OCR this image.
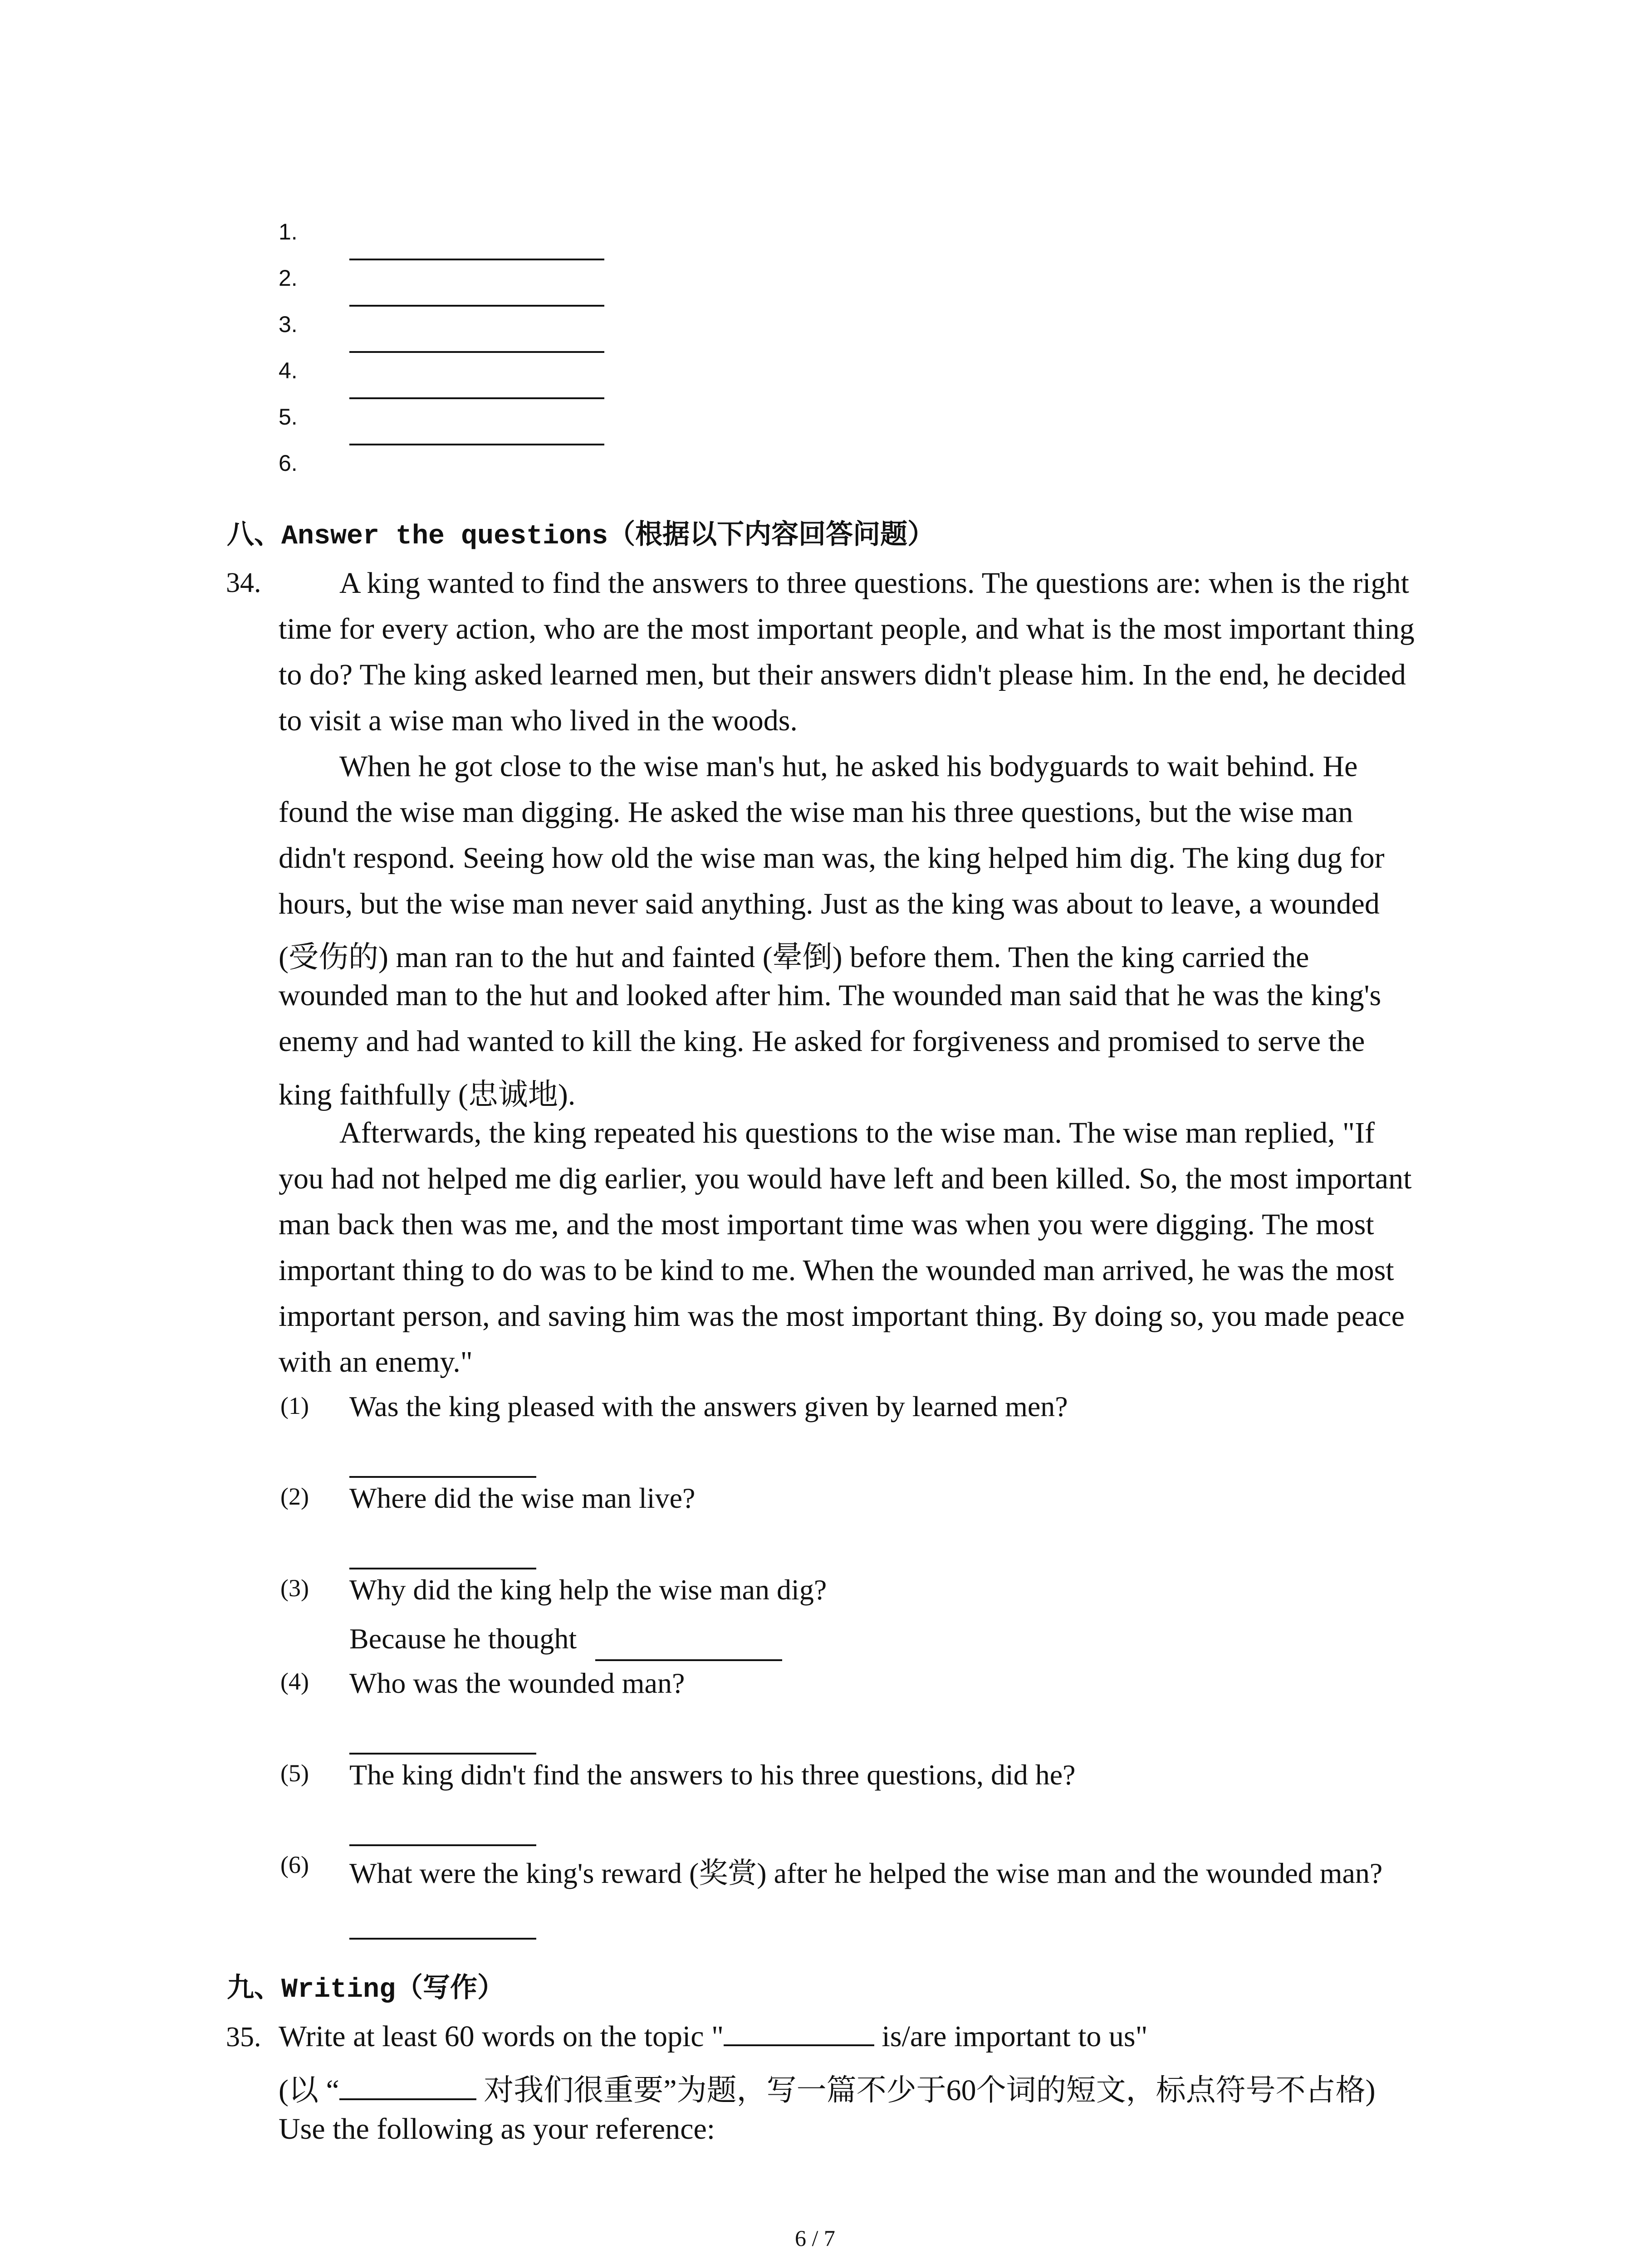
1.
2.
3.
4.
5.
6.
八、Answer the questions（根据以下内容回答问题）
34.	A king wanted to find the answers to three questions. The questions are: when is the right
time for every action, who are the most important people, and what is the most important thing
to do? The king asked learned men, but their answers didn't please him. In the end, he decided
to visit a wise man who lived in the woods.
When he got close to the wise man's hut, he asked his bodyguards to wait behind. He
found the wise man digging. He asked the wise man his three questions, but the wise man
didn't respond. Seeing how old the wise man was, the king helped him dig. The king dug for
hours, but the wise man never said anything. Just as the king was about to leave, a wounded
(受伤的) man ran to the hut and fainted (晕倒) before them. Then the king carried the
wounded man to the hut and looked after him. The wounded man said that he was the king's
enemy and had wanted to kill the king. He asked for forgiveness and promised to serve the
king faithfully (忠诚地).
Afterwards, the king repeated his questions to the wise man. The wise man replied, "If
you had not helped me dig earlier, you would have left and been killed. So, the most important
man back then was me, and the most important time was when you were digging. The most
important thing to do was to be kind to me. When the wounded man arrived, he was the most
important person, and saving him was the most important thing. By doing so, you made peace
with an enemy."
(1) Was the king pleased with the answers given by learned men?
(2) Where did the wise man live?
(3) Why did the king help the wise man dig?
Because he thought
(4) Who was the wounded man?
(5) The king didn't find the answers to his three questions, did he?
(6) What were the king's reward (奖赏) after he helped the wise man and the wounded man?
九、Writing（写作）
35. Write at least 60 words on the topic "	is/are important to us"
(以 “	对我们很重要”为题，写一篇不少于60个词的短文，标点符号不占格)
Use the following as your reference:
6 / 7
